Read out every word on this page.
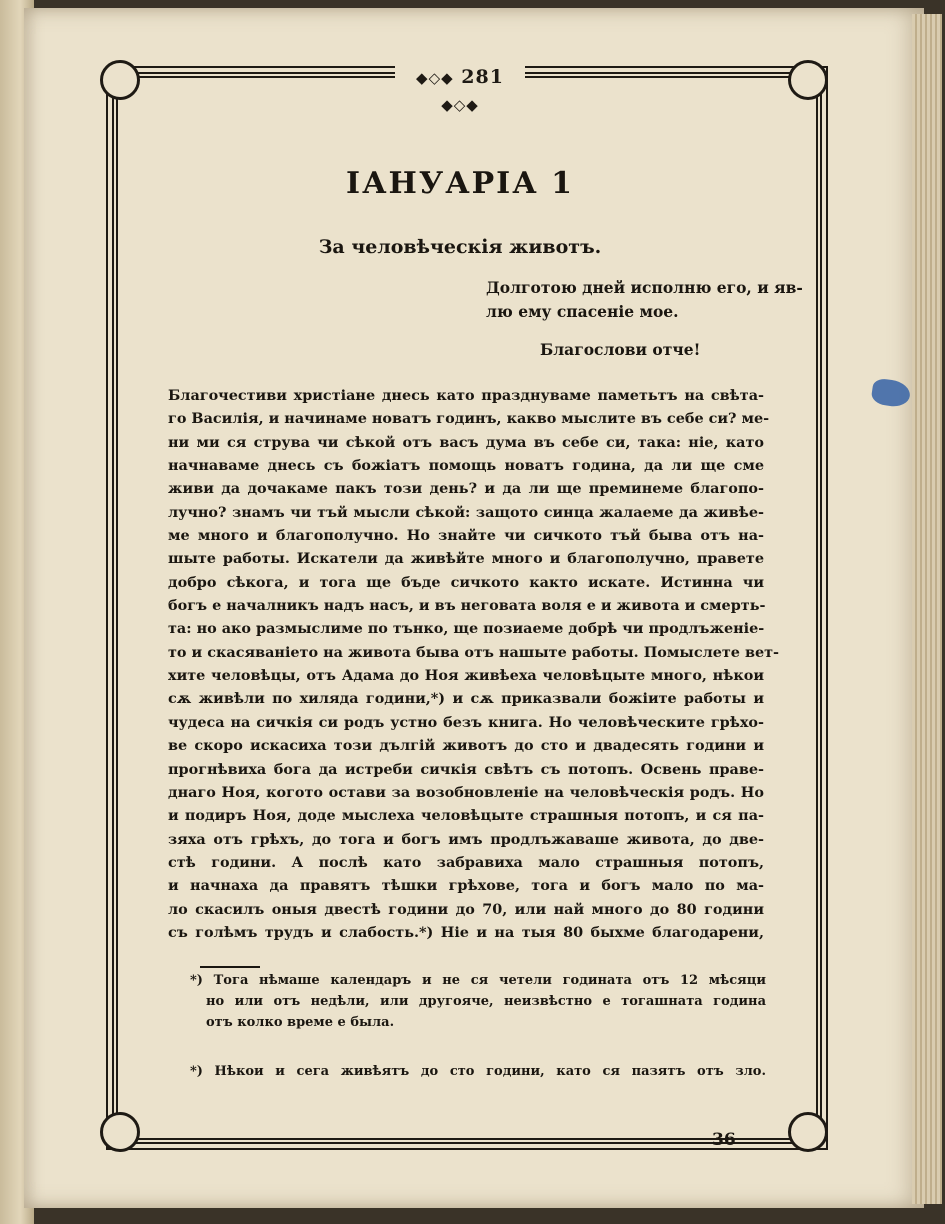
◆◇◆ 281 ◆◇◆
ІАНУАРІА 1
За человѣческія животъ.
Долготою дней исполню его, и яв-
лю ему спасеніе мое.
Благослови отче!
Благочестиви христіане днесь като празднуваме паметьтъ на свѣта-
го Василія, и начинаме новатъ годинъ, какво мыслите въ себе си? ме-
ни ми ся струва чи сѣкой отъ васъ дума въ себе си, така: ніе, като
начнаваме днесь съ божіатъ помощь новатъ година, да ли ще сме
живи да дочакаме пакъ този день? и да ли ще преминеме благопо-
лучно? знамъ чи тъй мысли сѣкой: защото синца жалаеме да живѣе-
ме много и благополучно. Но знайте чи сичкото тъй быва отъ на-
шыте работы. Искатели да живѣйте много и благополучно, правете
добро сѣкога, и тога ще бъде сичкото както искате. Истинна чи
богъ е началникъ надъ насъ, и въ неговата воля е и живота и смерть-
та: но ако размыслиме по тънко, ще позиаеме добрѣ чи продлъженіе-
то и скасяваніето на живота быва отъ нашыте работы. Помыслете вет-
хите человѣцы, отъ Адама до Ноя живѣеха человѣцыте много, нѣкои
сѫ живѣли по хиляда години,*) и сѫ приказвали божіите работы и
чудеса на сичкія си родъ устно безъ книга. Но человѣческите грѣхо-
ве скоро искасиха този дългій животъ до сто и двадесять години и
прогнѣвиха бога да истреби сичкія свѣтъ съ потопъ. Освень праве-
днаго Ноя, когото остави за возобновленіе на человѣческія родъ. Но
и подиръ Ноя, доде мыслеха человѣцыте страшныя потопъ, и ся па-
зяха отъ грѣхъ, до тога и богъ имъ продлъжаваше живота, до две-
стѣ години. А послѣ като забравиха мало страшныя потопъ,
и начнаха да правятъ тѣшки грѣхове, тога и богъ мало по ма-
ло скасилъ оныя двестѣ години до 70, или най много до 80 години
съ голѣмъ трудъ и слабость.*) Ніе и на тыя 80 быхме благодарени,
*) Тога нѣмаше календаръ и не ся четели годината отъ 12 мѣсяци
но или отъ недѣли, или другояче, неизвѣстно е тогашната година
отъ колко време е была.
*) Нѣкои и сега живѣятъ до сто години, като ся пазятъ отъ зло.
36
